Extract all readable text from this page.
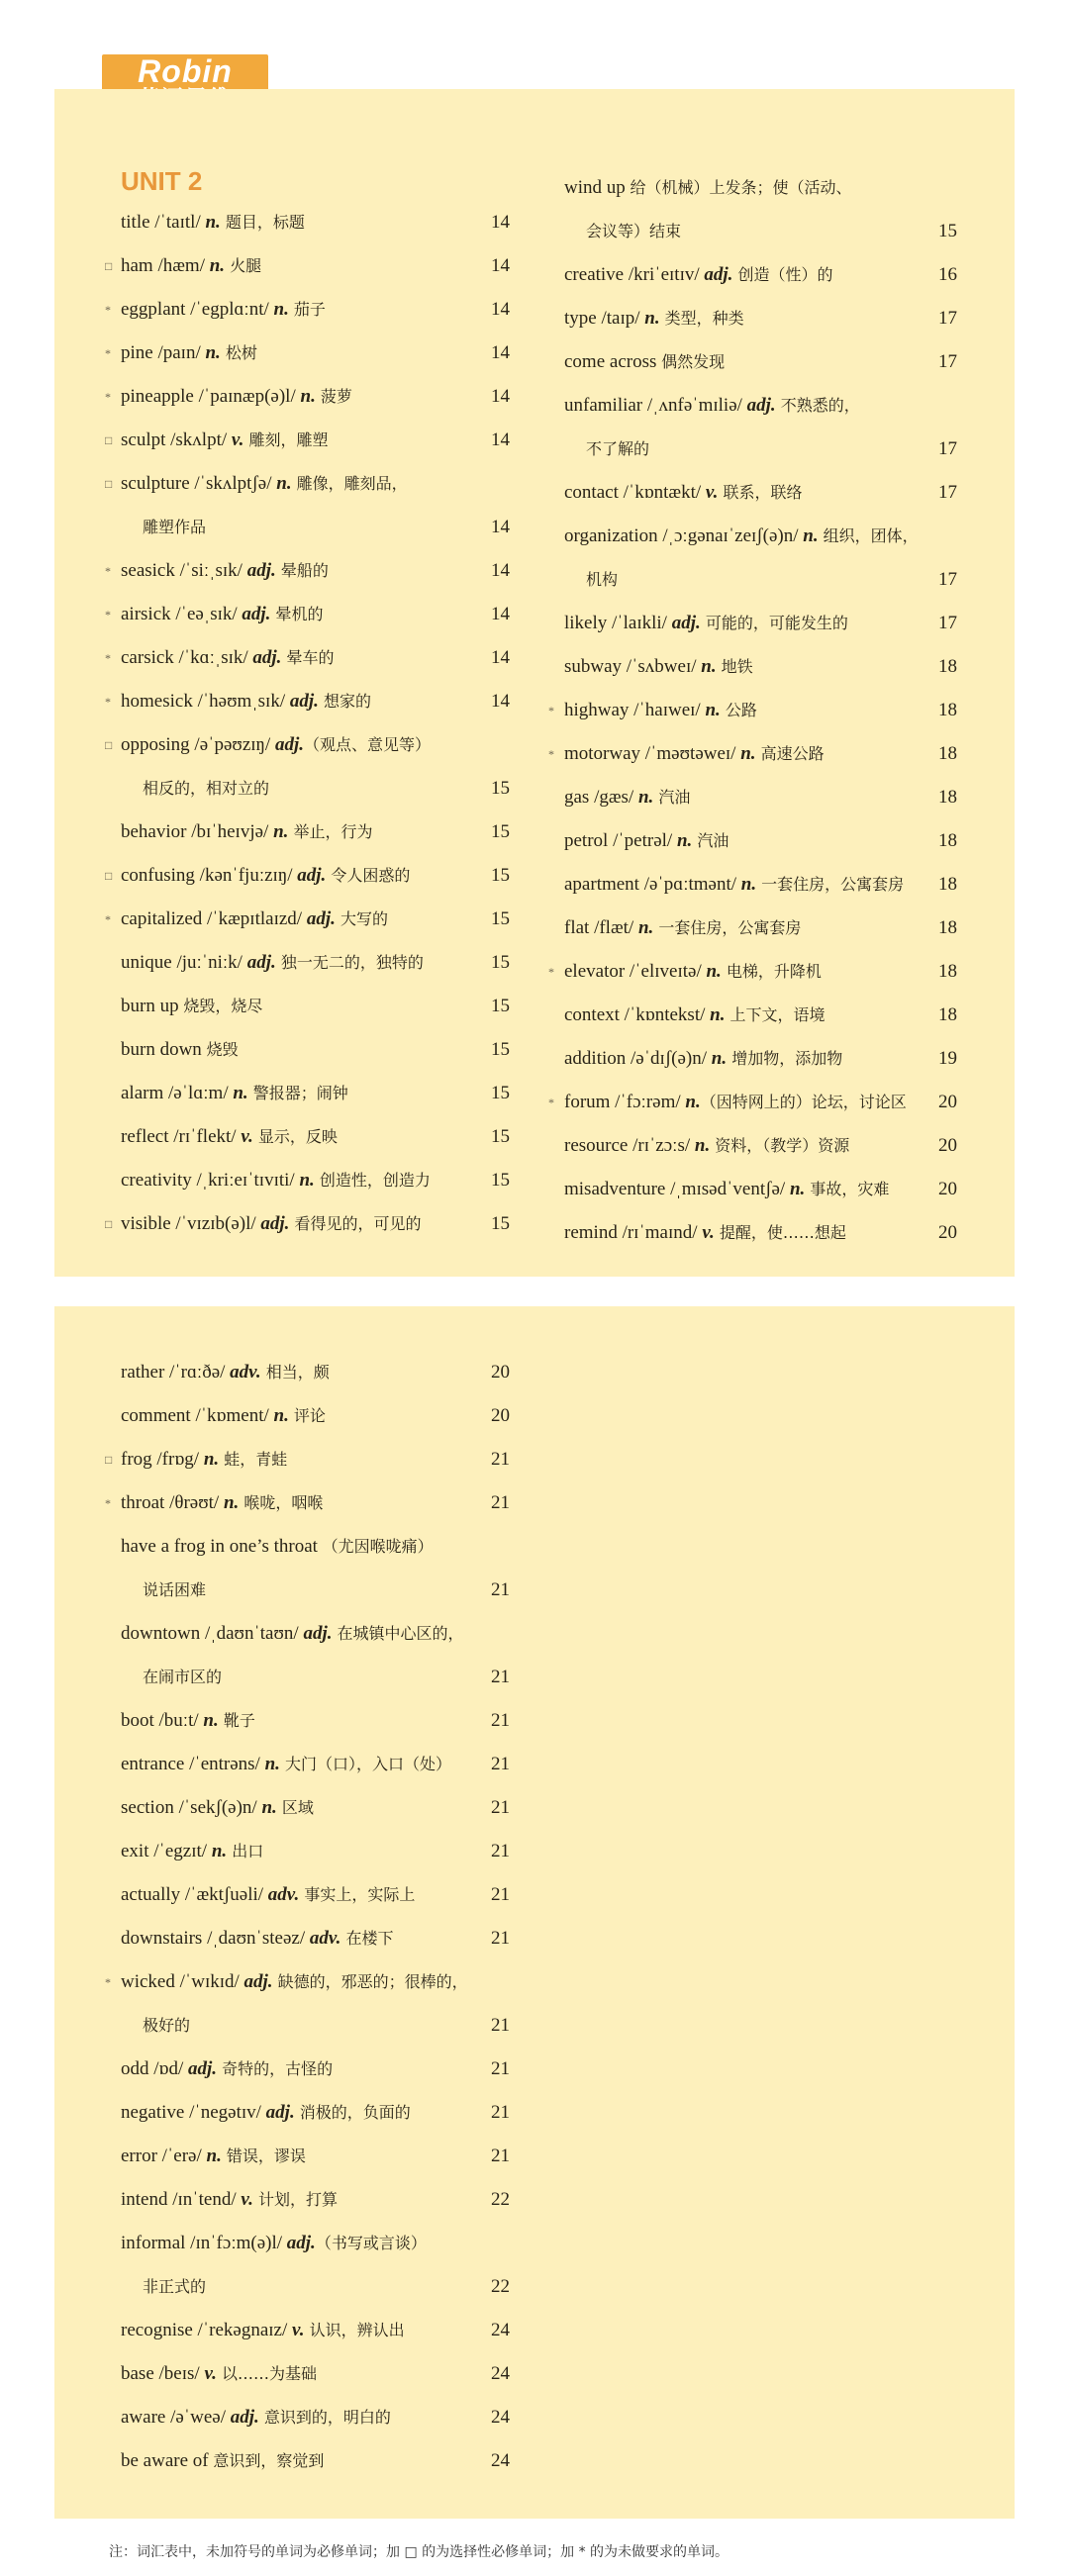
Robin
UNIT 2
title /ˈtaɪtl/ n. 题目，标题	14
□ ham /hæm/ n. 火腿	14
* eggplant /ˈegplɑːnt/ n. 茄子	14
* pine /paɪn/ n. 松树	14
* pineapple /ˈpaɪnæp(ə)l/ n. 菠萝	14
□ sculpt /skʌlpt/ v. 雕刻，雕塑	14
□ sculpture /ˈskʌlptʃə/ n. 雕像，雕刻品，
雕塑作品	14
* seasick /ˈsiːˌsɪk/ adj. 晕船的	14
* airsick /ˈeəˌsɪk/ adj. 晕机的	14
* carsick /ˈkɑːˌsɪk/ adj. 晕车的	14
* homesick /ˈhəʊmˌsɪk/ adj. 想家的	14
□ opposing /əˈpəʊzɪŋ/ adj.（观点、意见等）
相反的，相对立的	15
behavior /bɪˈheɪvjə/ n. 举止，行为	15
□ confusing /kənˈfjuːzɪŋ/ adj. 令人困惑的	15
* capitalized /ˈkæpɪtlaɪzd/ adj. 大写的	15
unique /juːˈniːk/ adj. 独一无二的，独特的	15
burn up 烧毁，烧尽	15
burn down 烧毁	15
alarm /əˈlɑːm/ n. 警报器；闹钟	15
reflect /rɪˈflekt/ v. 显示，反映	15
creativity /ˌkriːeɪˈtɪvɪti/ n. 创造性，创造力	15
□ visible /ˈvɪzɪb(ə)l/ adj. 看得见的，可见的	15
wind up 给（机械）上发条；使（活动、
会议等）结束	15
creative /kriˈeɪtɪv/ adj. 创造（性）的	16
type /taɪp/ n. 类型，种类	17
come across 偶然发现	17
unfamiliar /ˌʌnfəˈmɪliə/ adj. 不熟悉的，
不了解的	17
contact /ˈkɒntækt/ v. 联系，联络	17
organization /ˌɔːgənaɪˈzeɪʃ(ə)n/ n. 组织，团体，
机构	17
likely /ˈlaɪkli/ adj. 可能的，可能发生的	17
subway /ˈsʌbweɪ/ n. 地铁	18
* highway /ˈhaɪweɪ/ n. 公路	18
* motorway /ˈməʊtəweɪ/ n. 高速公路	18
gas /gæs/ n. 汽油	18
petrol /ˈpetrəl/ n. 汽油	18
apartment /əˈpɑːtmənt/ n. 一套住房，公寓套房 18
flat /flæt/ n. 一套住房，公寓套房	18
* elevator /ˈelɪveɪtə/ n. 电梯，升降机	18
context /ˈkɒntekst/ n. 上下文，语境	18
addition /əˈdɪʃ(ə)n/ n. 增加物，添加物	19
* forum /ˈfɔːrəm/ n.（因特网上的）论坛，讨论区 20
resource /rɪˈzɔːs/ n. 资料，（教学）资源	20
misadventure /ˌmɪsədˈventʃə/ n. 事故，灾难	20
remind /rɪˈmaɪnd/ v. 提醒，使……想起	20
rather /ˈrɑːðə/ adv. 相当，颇	20
comment /ˈkɒment/ n. 评论	20
□ frog /frɒg/ n. 蛙，青蛙	21
* throat /θrəʊt/ n. 喉咙，咽喉	21
have a frog in one’s throat （尤因喉咙痛）
说话困难	21
downtown /ˌdaʊnˈtaʊn/ adj. 在城镇中心区的，
在闹市区的	21
boot /buːt/ n. 靴子	21
entrance /ˈentrəns/ n. 大门（口），入口（处） 21
section /ˈsekʃ(ə)n/ n. 区域	21
exit /ˈegzɪt/ n. 出口	21
actually /ˈæktʃuəli/ adv. 事实上，实际上	21
downstairs /ˌdaʊnˈsteəz/ adv. 在楼下	21
* wicked /ˈwɪkɪd/ adj. 缺德的，邪恶的；很棒的，
极好的	21
odd /ɒd/ adj. 奇特的，古怪的	21
negative /ˈnegətɪv/ adj. 消极的，负面的	21
error /ˈerə/ n. 错误，谬误	21
intend /ɪnˈtend/ v. 计划，打算	22
informal /ɪnˈfɔːm(ə)l/ adj.（书写或言谈）
非正式的	22
recognise /ˈrekəgnaɪz/ v. 认识，辨认出	24
base /beɪs/ v. 以……为基础	24
aware /əˈweə/ adj. 意识到的，明白的	24
be aware of 意识到，察觉到	24
注：词汇表中，未加符号的单词为必修单词；加 □ 的为选择性必修单词；加 * 的为未做要求的单词。
